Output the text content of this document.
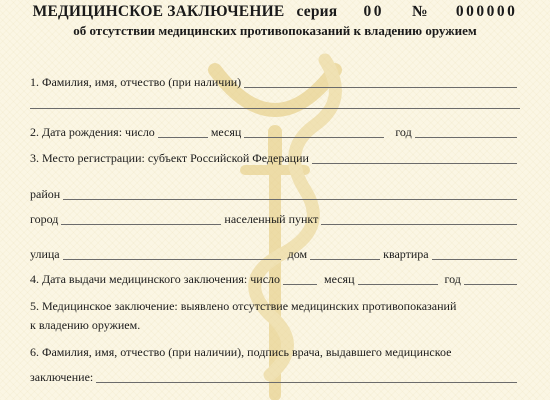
МЕДИЦИНСКОЕ ЗАКЛЮЧЕНИЕ серия 00 № 000000
об отсутствии медицинских противопоказаний к владению оружием
1. Фамилия, имя, отчество (при наличии)
2. Дата рождения: число	месяц	год
3. Место регистрации: субъект Российской Федерации
район
город	населенный пункт
улица	дом	квартира
4. Дата выдачи медицинского заключения: число	месяц	год
5. Медицинское заключение: выявлено отсутствие медицинских противопоказаний
к владению оружием.
6. Фамилия, имя, отчество (при наличии), подпись врача, выдавшего медицинское
заключение:
